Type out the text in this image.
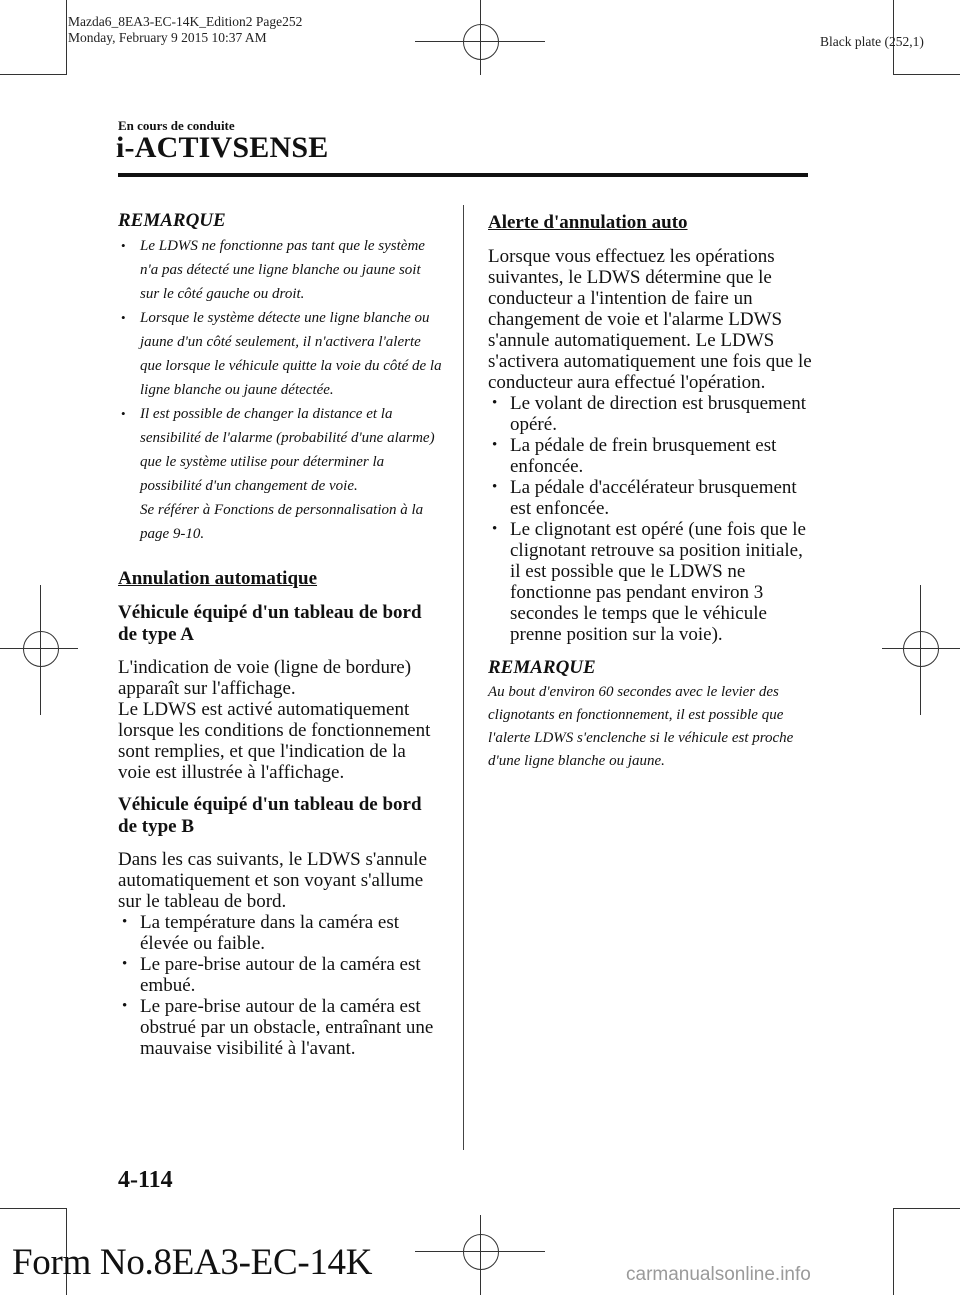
Mazda6_8EA3-EC-14K_Edition2 Page252
Monday, February 9 2015 10:37 AM	Black plate (252,1)
En cours de conduite
i-ACTIVSENSE
REMARQUE
• Le LDWS ne fonctionne pas tant que le système n'a pas détecté une ligne blanche ou jaune soit sur le côté gauche ou droit.
• Lorsque le système détecte une ligne blanche ou jaune d'un côté seulement, il n'activera l'alerte que lorsque le véhicule quitte la voie du côté de la ligne blanche ou jaune détectée.
• Il est possible de changer la distance et la sensibilité de l'alarme (probabilité d'une alarme) que le système utilise pour déterminer la possibilité d'un changement de voie.
Se référer à Fonctions de personnalisation à la page 9-10.
Annulation automatique
Véhicule équipé d'un tableau de bord de type A
L'indication de voie (ligne de bordure) apparaît sur l'affichage.
Le LDWS est activé automatiquement lorsque les conditions de fonctionnement sont remplies, et que l'indication de la voie est illustrée à l'affichage.
Véhicule équipé d'un tableau de bord de type B
Dans les cas suivants, le LDWS s'annule automatiquement et son voyant s'allume sur le tableau de bord.
• La température dans la caméra est élevée ou faible.
• Le pare-brise autour de la caméra est embué.
• Le pare-brise autour de la caméra est obstrué par un obstacle, entraînant une mauvaise visibilité à l'avant.
Alerte d'annulation auto
Lorsque vous effectuez les opérations suivantes, le LDWS détermine que le conducteur a l'intention de faire un changement de voie et l'alarme LDWS s'annule automatiquement. Le LDWS s'activera automatiquement une fois que le conducteur aura effectué l'opération.
• Le volant de direction est brusquement opéré.
• La pédale de frein brusquement est enfoncée.
• La pédale d'accélérateur brusquement est enfoncée.
• Le clignotant est opéré (une fois que le clignotant retrouve sa position initiale, il est possible que le LDWS ne fonctionne pas pendant environ 3 secondes le temps que le véhicule prenne position sur la voie).
REMARQUE

Au bout d'environ 60 secondes avec le levier des clignotants en fonctionnement, il est possible que l'alerte LDWS s'enclenche si le véhicule est proche d'une ligne blanche ou jaune.

4-114
Form No.8EA3-EC-14K	carmanualsonline.info
